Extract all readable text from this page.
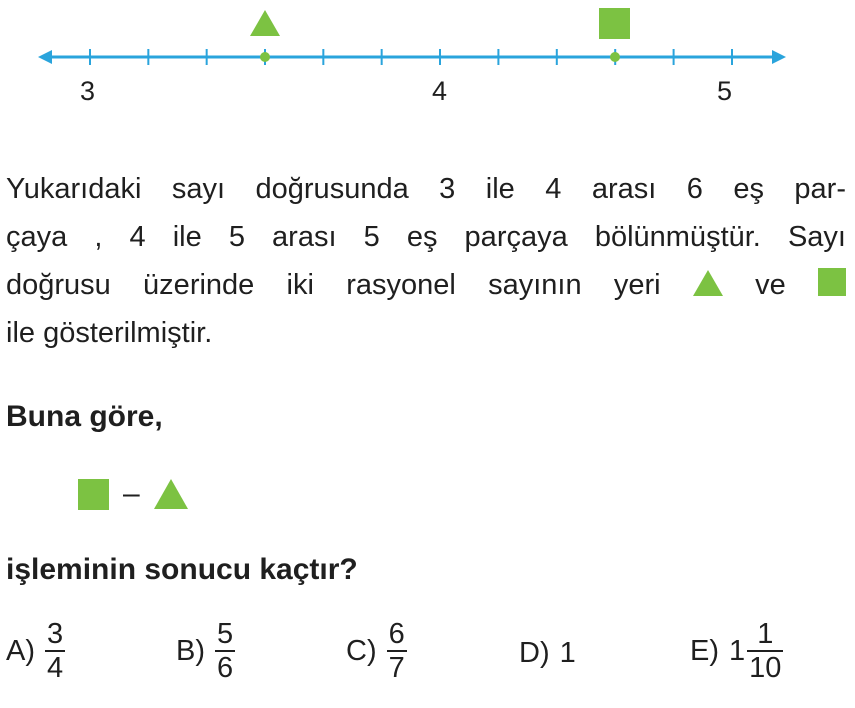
3	4	5

Yukarıdaki sayı doğrusunda 3 ile 4 arası 6 eş par-
çaya , 4 ile 5 arası 5 eş parçaya bölünmüştür. Sayı
doğrusu üzerinde iki rasyonel sayının yeri	ve
ile gösterilmiştir.

Buna göre,
–
işleminin sonucu kaçtır?
$A) \frac{3}{4}$	$B) \frac{5}{6}$	$C) \frac{6}{7}$	D) 1	E) $1 \frac{1}{10}$
